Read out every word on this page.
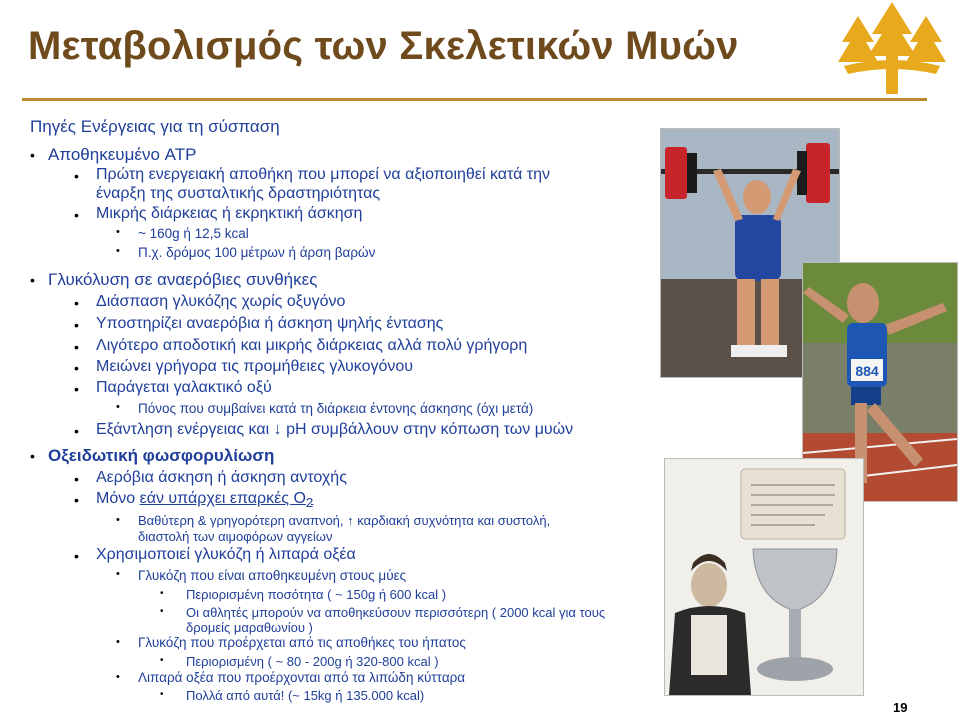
Μεταβολισμός των Σκελετικών Μυών
Πηγές Ενέργειας για τη σύσπαση
• Αποθηκευμένο ATP
• Πρώτη ενεργειακή αποθήκη που μπορεί να αξιοποιηθεί κατά την
έναρξη της συσταλτικής δραστηριότητας
• Μικρής διάρκειας ή εκρηκτική άσκηση
• ~ 160g ή 12,5 kcal
• Π.χ. δρόμος 100 μέτρων ή άρση βαρών
• Γλυκόλυση σε αναερόβιες συνθήκες
• Διάσπαση γλυκόζης χωρίς οξυγόνο
• Υποστηρίζει αναερόβια ή άσκηση ψηλής έντασης
• Λιγότερο αποδοτική και μικρής διάρκειας αλλά πολύ γρήγορη
• Μειώνει γρήγορα τις προμήθειες γλυκογόνου
• Παράγεται γαλακτικό οξύ
• Πόνος που συμβαίνει κατά τη διάρκεια έντονης άσκησης (όχι μετά)
• Εξάντληση ενέργειας και ↓ pH συμβάλλουν στην κόπωση των μυών
• Οξειδωτική φωσφορυλίωση
• Αερόβια άσκηση ή άσκηση αντοχής
• Μόνο εάν υπάρχει επαρκές $O_2$
• Βαθύτερη & γρηγορότερη αναπνοή, ↑ καρδιακή συχνότητα και συστολή,
διαστολή των αιμοφόρων αγγείων
• Χρησιμοποιεί γλυκόζη ή λιπαρά οξέα
• Γλυκόζη που είναι αποθηκευμένη στους μύες
• Περιορισμένη ποσότητα ( ~ 150g ή 600 kcal )
• Οι αθλητές μπορούν να αποθηκεύσουν περισσότερη ( 2000 kcal για τους
δρομείς μαραθωνίου )
• Γλυκόζη που προέρχεται από τις αποθήκες του ήπατος
• Περιορισμένη ( ~ 80 - 200g ή 320-800 kcal )
• Λιπαρά οξέα που προέρχονται από τα λιπώδη κύτταρα
• Πολλά από αυτά! (~ 15kg ή 135.000 kcal)
884
19
